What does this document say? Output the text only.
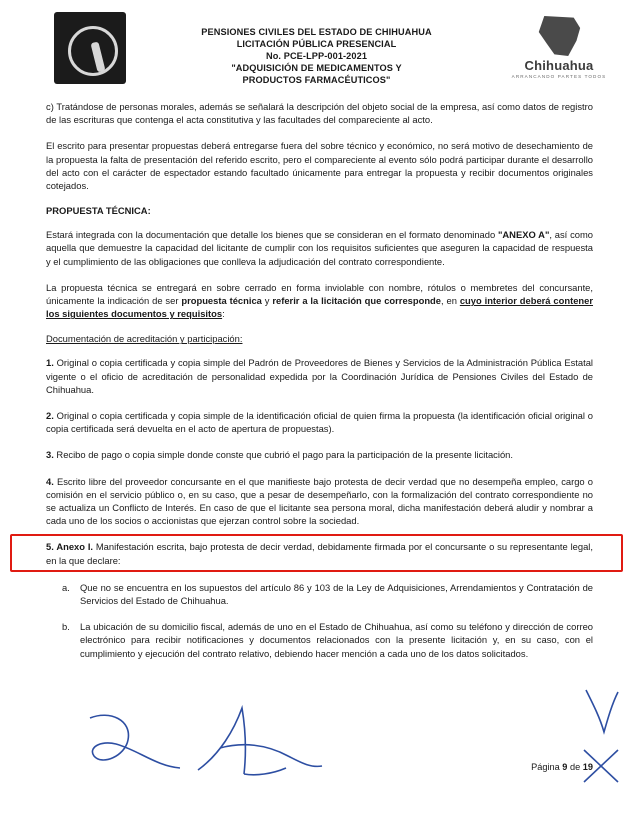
PENSIONES CIVILES DEL ESTADO DE CHIHUAHUA
LICITACIÓN PÚBLICA PRESENCIAL
No. PCE-LPP-001-2021
"ADQUISICIÓN DE MEDICAMENTOS Y
PRODUCTOS FARMACÉUTICOS"
Chihuahua
ARRANCANDO PARTES TODOS

c) Tratándose de personas morales, además se señalará la descripción del objeto social de la empresa, así como datos de registro de las escrituras que contenga el acta constitutiva y las facultades del compareciente al acto.

El escrito para presentar propuestas deberá entregarse fuera del sobre técnico y económico, no será motivo de desechamiento de la propuesta la falta de presentación del referido escrito, pero el compareciente al evento sólo podrá participar durante el desarrollo del acto con el carácter de espectador estando facultado únicamente para entregar la propuesta y recibir documentos originales cotejados.

PROPUESTA TÉCNICA:

Estará integrada con la documentación que detalle los bienes que se consideran en el formato denominado "ANEXO A", así como aquella que demuestre la capacidad del licitante de cumplir con los requisitos suficientes que aseguren la capacidad de respuesta y el cumplimiento de las obligaciones que conlleva la adjudicación del contrato correspondiente.

La propuesta técnica se entregará en sobre cerrado en forma inviolable con nombre, rótulos o membretes del concursante, únicamente la indicación de ser propuesta técnica y referir a la licitación que corresponde, en cuyo interior deberá contener los siguientes documentos y requisitos:

Documentación de acreditación y participación:

1. Original o copia certificada y copia simple del Padrón de Proveedores de Bienes y Servicios de la Administración Pública Estatal vigente o el oficio de acreditación de personalidad expedida por la Coordinación Jurídica de Pensiones Civiles del Estado de Chihuahua.

2. Original o copia certificada y copia simple de la identificación oficial de quien firma la propuesta (la identificación oficial original o copia certificada será devuelta en el acto de apertura de propuestas).

3. Recibo de pago o copia simple donde conste que cubrió el pago para la participación de la presente licitación.

4. Escrito libre del proveedor concursante en el que manifieste bajo protesta de decir verdad que no desempeña empleo, cargo o comisión en el servicio público o, en su caso, que a pesar de desempeñarlo, con la formalización del contrato correspondiente no se actualiza un Conflicto de Interés. En caso de que el licitante sea persona moral, dicha manifestación deberá aludir y nombrar a cada uno de los socios o accionistas que ejerzan control sobre la sociedad.

5. Anexo I. Manifestación escrita, bajo protesta de decir verdad, debidamente firmada por el concursante o su representante legal, en la que declare:

a. Que no se encuentra en los supuestos del artículo 86 y 103 de la Ley de Adquisiciones, Arrendamientos y Contratación de Servicios del Estado de Chihuahua.
b. La ubicación de su domicilio fiscal, además de uno en el Estado de Chihuahua, así como su teléfono y dirección de correo electrónico para recibir notificaciones y documentos relacionados con la presente licitación y, en su caso, con el cumplimiento y ejecución del contrato relativo, debiendo hacer mención a cada uno de los datos solicitados.
Página 9 de 19
